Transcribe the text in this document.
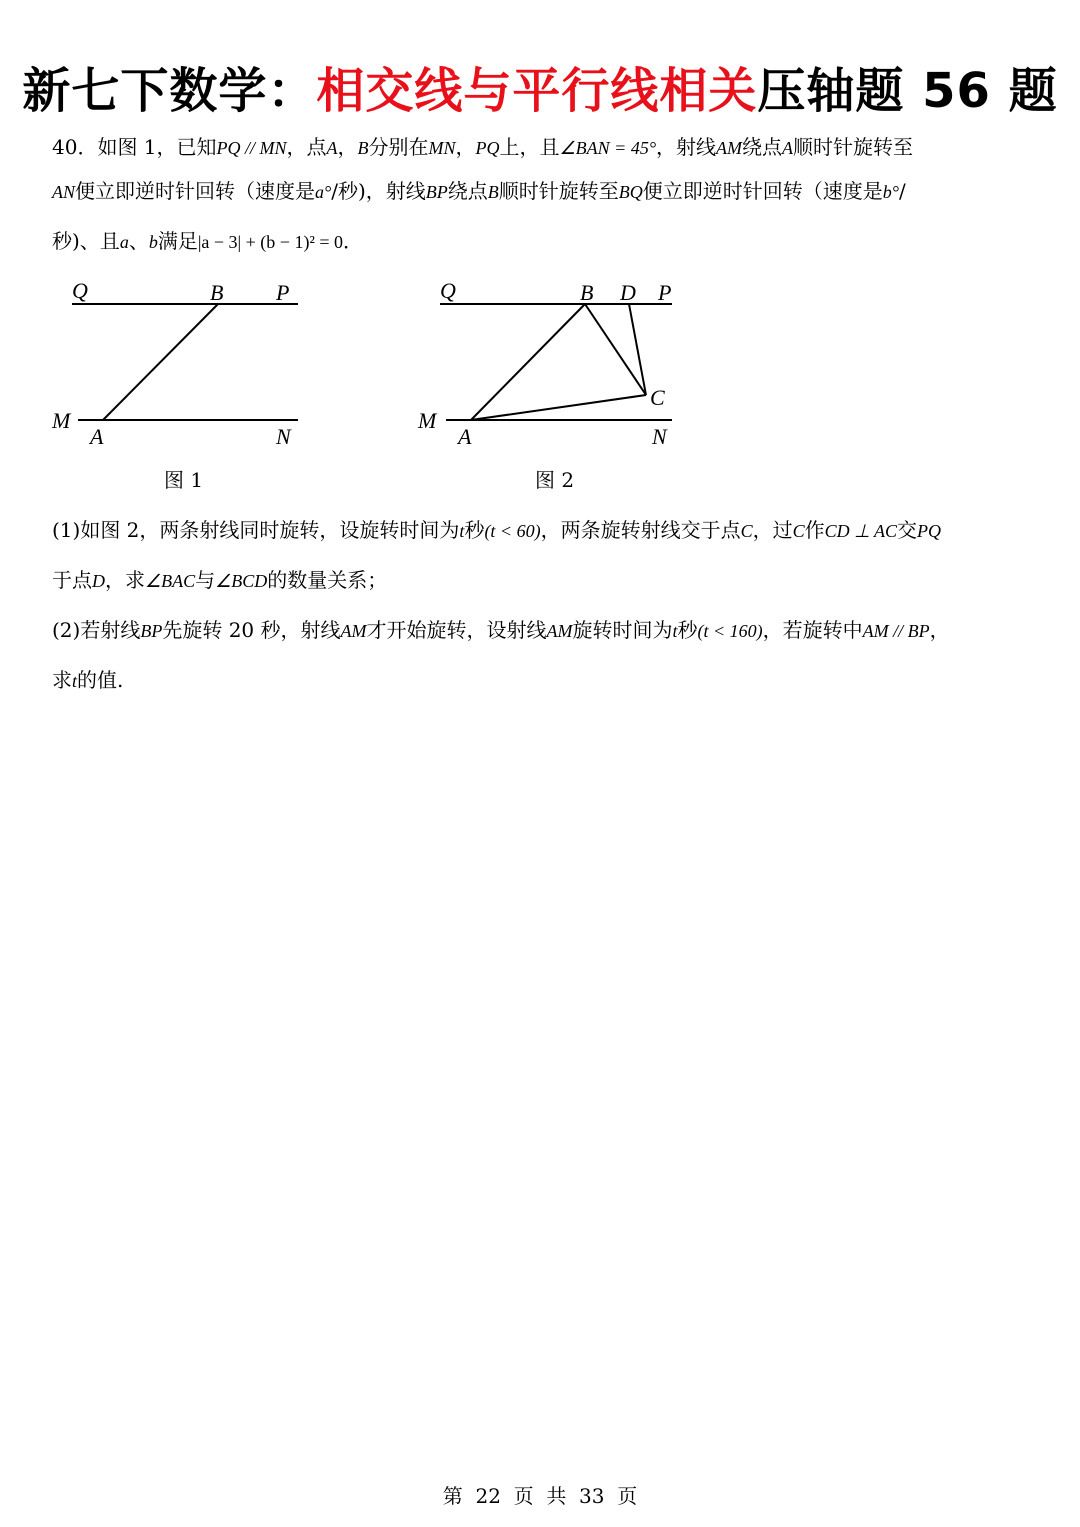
新七下数学：相交线与平行线相关压轴题 56 题
40．如图 1，已知PQ // MN，点A，B分别在MN，PQ上，且∠BAN = 45°，射线AM绕点A顺时针旋转至
AN便立即逆时针回转（速度是a°/秒)，射线BP绕点B顺时针旋转至BQ便立即逆时针回转（速度是b°/
秒)、且a、b满足|a − 3| + (b − 1)² = 0．
Q	B P
M
A	N
图 1
Q	B D P
C
M
A	N
图 2
(1)如图 2，两条射线同时旋转，设旋转时间为t秒(t < 60)，两条旋转射线交于点C，过C作CD ⊥ AC交PQ
于点D，求∠BAC与∠BCD的数量关系；
(2)若射线BP先旋转 20 秒，射线AM才开始旋转，设射线AM旋转时间为t秒(t < 160)，若旋转中AM // BP，
求t的值.
第  22  页  共  33  页
